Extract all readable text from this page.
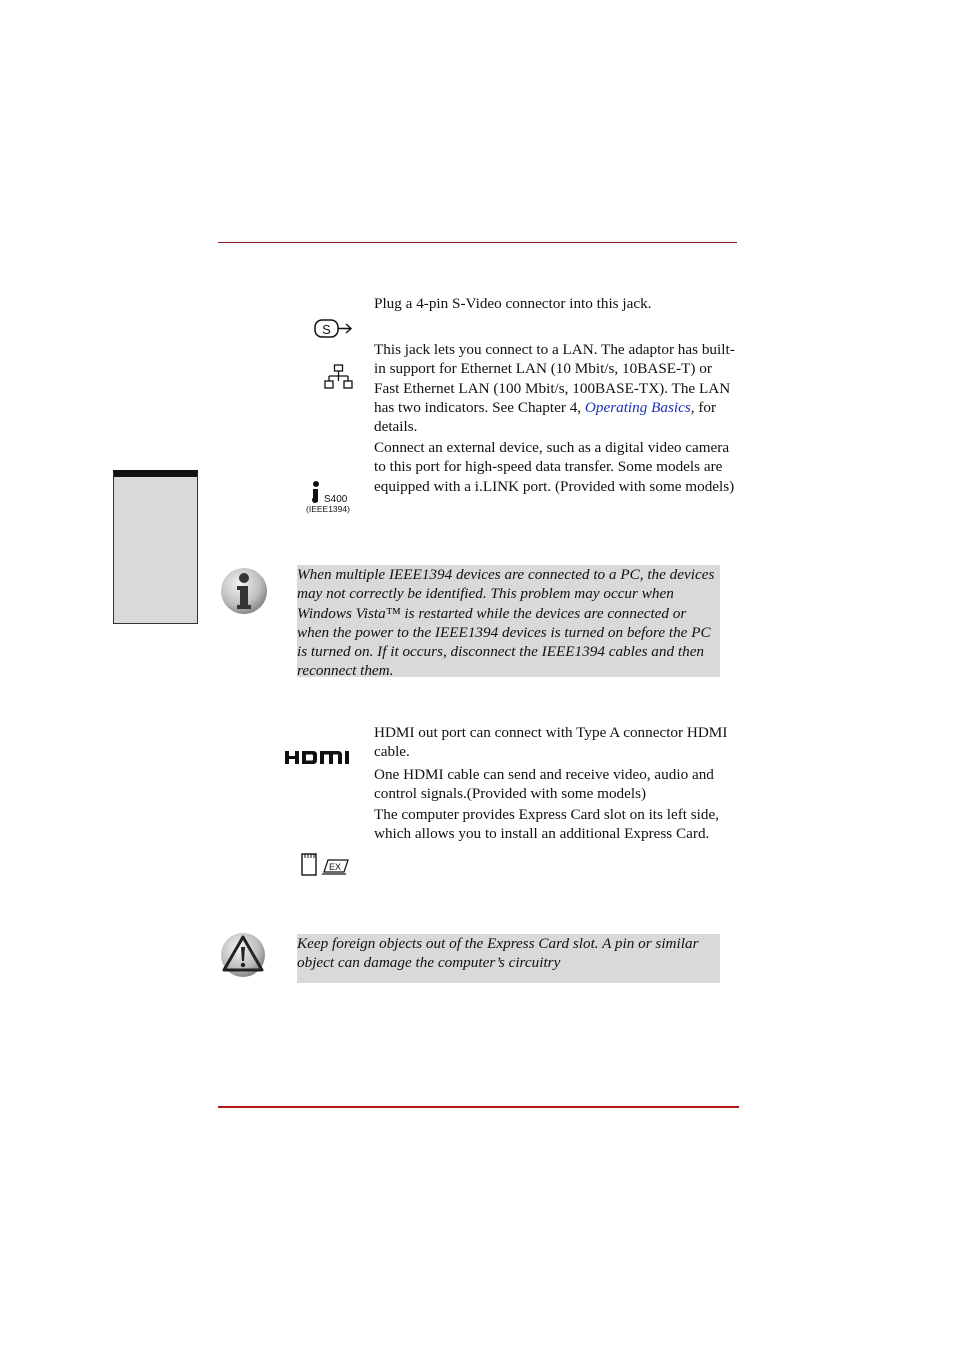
S
Plug a 4-pin S-Video connector into this jack.
This jack lets you connect to a LAN. The adaptor has built-in support for Ethernet LAN (10 Mbit/s, 10BASE-T) or Fast Ethernet LAN (100 Mbit/s, 100BASE-TX). The LAN has two indicators. See Chapter 4, Operating Basics, for details.
S400
(IEEE1394)
Connect an external device, such as a digital video camera to this port for high-speed data transfer. Some models are equipped with a i.LINK port. (Provided with some models)
When multiple IEEE1394 devices are connected to a PC, the devices may not correctly be identified. This problem may occur when Windows Vista™ is restarted while the devices are connected or when the power to the IEEE1394 devices is turned on before the PC is turned on. If it occurs, disconnect the IEEE1394 cables and then reconnect them.
HDMI out port can connect with Type A connector HDMI cable.
One HDMI cable can send and receive video, audio and control signals.(Provided with some models)
EX
The computer provides Express Card slot on its left side, which allows you to install an additional Express Card.
Keep foreign objects out of the Express Card slot. A pin or similar object can damage the computer’s circuitry
